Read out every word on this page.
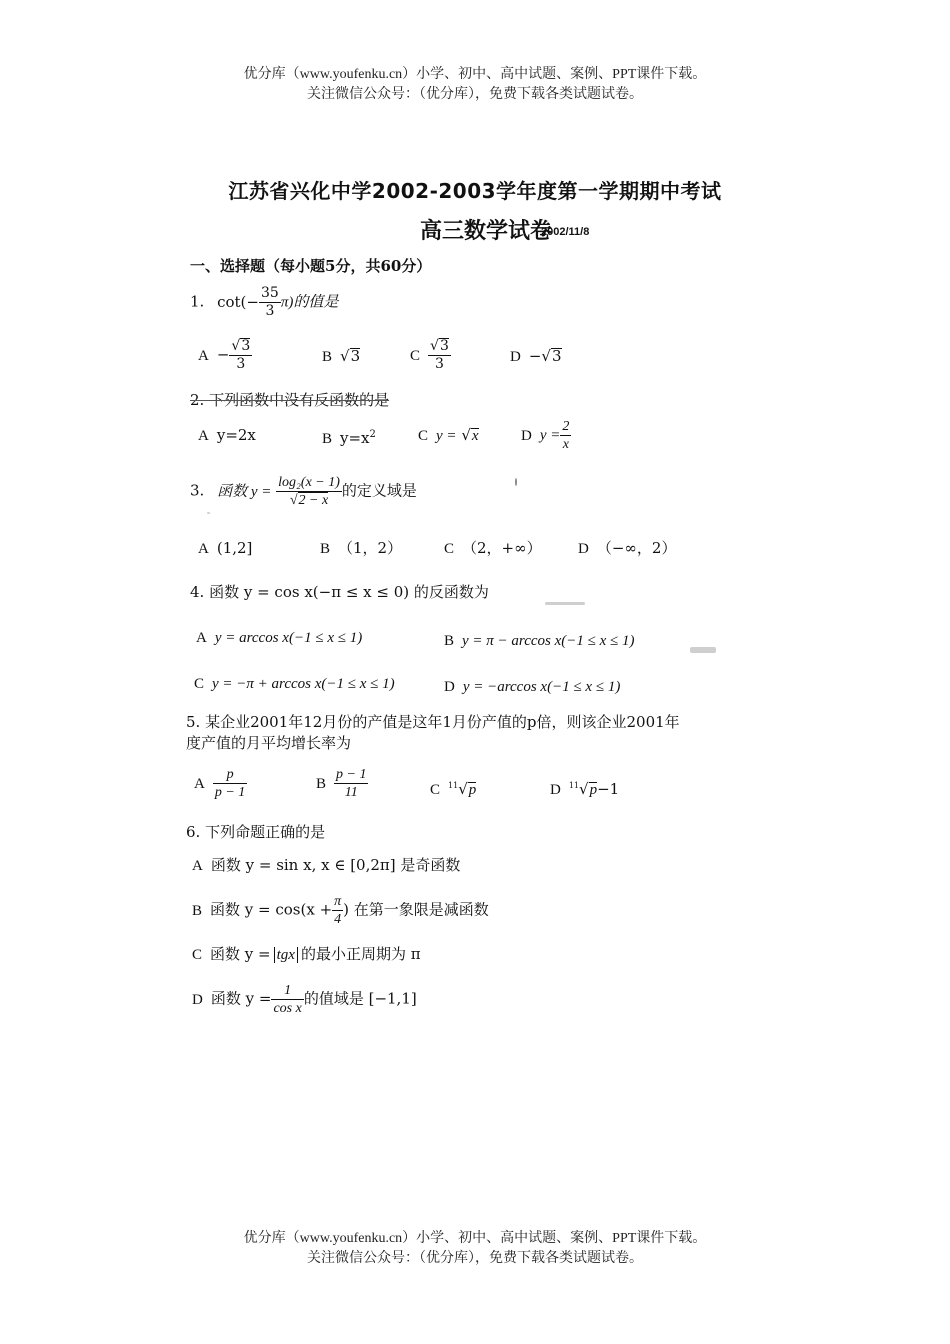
优分库（www.youfenku.cn）小学、初中、高中试题、案例、PPT课件下载。
关注微信公众号：（优分库），免费下载各类试题试卷。
江苏省兴化中学2002-2003学年度第一学期期中考试
高三数学试卷
2002/11/8
一、选择题（每小题5分，共60分）
1. $\cot(- \frac{35}{3} \pi)$的值是
$A - \frac{√3}{3}$	B √3	C $\frac{√3}{3}$	D −√3
2. 下列函数中没有反函数的是
A y=2x	B $y=x^2$	C y = √x	D $y = \frac{2}{x}$
3. 函数 $y = \frac{\text{log₂(x − 1)}}{√2 - x}$ 的定义域是
A (1,2]	B （1，2）	C （2，+∞） D （−∞，2）
4. 函数 y = cos x(−π ≤ x ≤ 0) 的反函数为
A y = arccos x(−1 ≤ x ≤ 1)	B y = π − arccos x(−1 ≤ x ≤ 1)
C y = −π + arccos x(−1 ≤ x ≤ 1)	D y = −arccos x(−1 ≤ x ≤ 1)
5. 某企业2001年12月份的产值是这年1月份产值的p倍，则该企业2001年
度产值的月平均增长率为
A $\frac{p}{p - 1}$	B $\frac{p - 1}{11}$	C $^{11}$√p	D $^{11}$√p−1
6. 下列命题正确的是
A 函数 y = sin x, x ∈ [0,2π] 是奇函数
B 函数 $y = \cos(x + \frac{\pi}{4}$ ) 在第一象限是减函数
C 函数 y = tgx 的最小正周期为 π
D 函数 $y = \frac{1}{\text{cos x}}$ 的值域是 [−1,1]
优分库（www.youfenku.cn）小学、初中、高中试题、案例、PPT课件下载。
关注微信公众号：（优分库），免费下载各类试题试卷。
